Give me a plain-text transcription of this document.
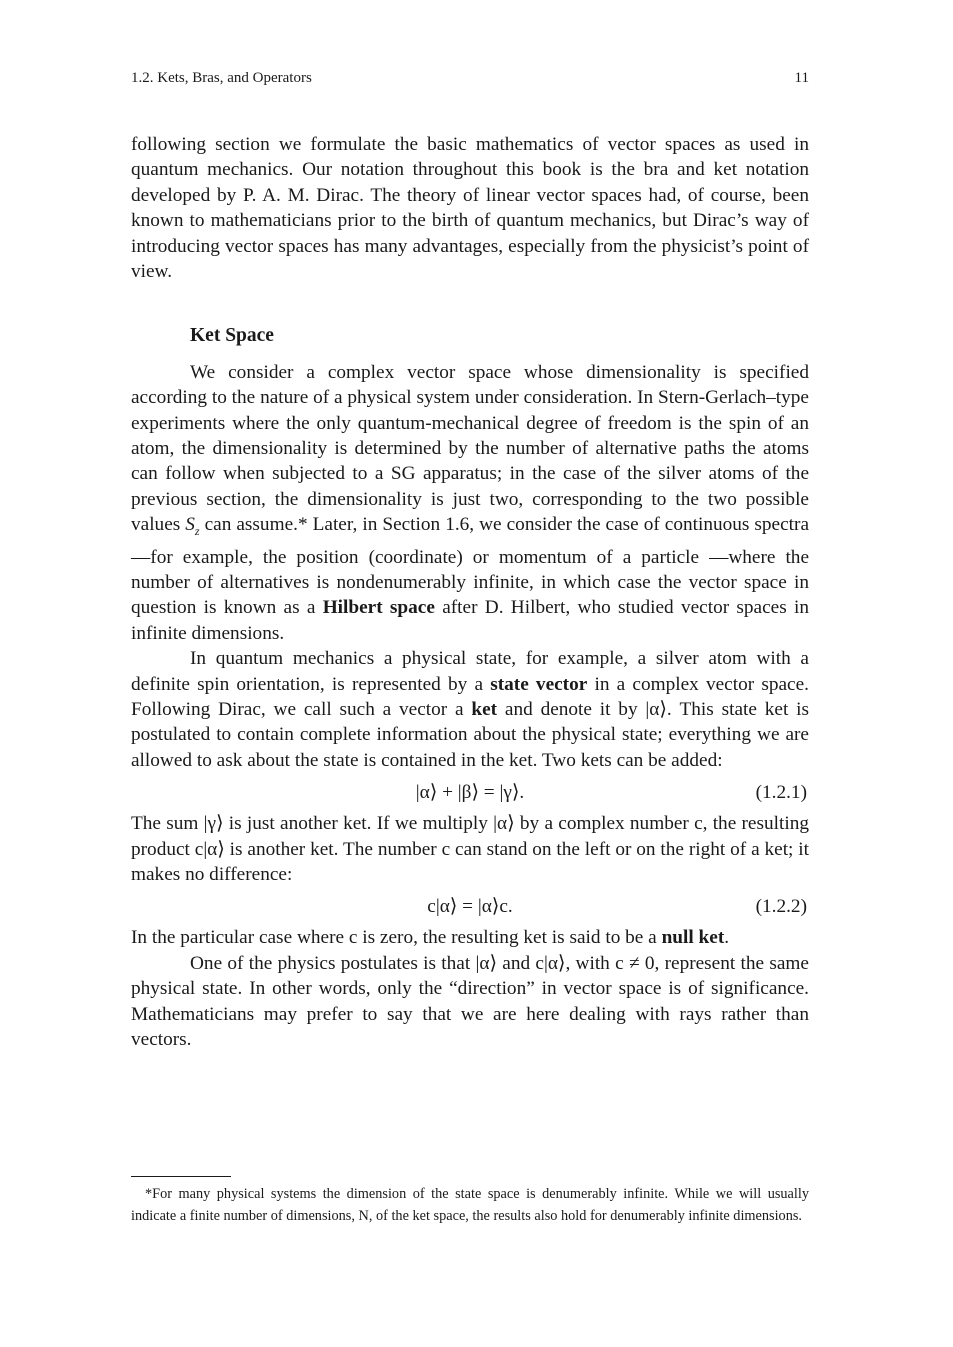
1.2. Kets, Bras, and Operators	11

following section we formulate the basic mathematics of vector spaces as used in quantum mechanics. Our notation throughout this book is the bra and ket notation developed by P. A. M. Dirac. The theory of linear vector spaces had, of course, been known to mathematicians prior to the birth of quantum mechanics, but Dirac’s way of introducing vector spaces has many advantages, especially from the physicist’s point of view.

Ket Space

We consider a complex vector space whose dimensionality is specified according to the nature of a physical system under consideration. In Stern-Gerlach–type experiments where the only quantum-mechanical degree of freedom is the spin of an atom, the dimensionality is determined by the number of alternative paths the atoms can follow when subjected to a SG apparatus; in the case of the silver atoms of the previous section, the dimensionality is just two, corresponding to the two possible values $S_z$ can assume.* Later, in Section 1.6, we consider the case of continuous spectra—for example, the position (coordinate) or momentum of a particle —where the number of alternatives is nondenumerably infinite, in which case the vector space in question is known as a Hilbert space after D. Hilbert, who studied vector spaces in infinite dimensions.

In quantum mechanics a physical state, for example, a silver atom with a definite spin orientation, is represented by a state vector in a complex vector space. Following Dirac, we call such a vector a ket and denote it by |α⟩. This state ket is postulated to contain complete information about the physical state; everything we are allowed to ask about the state is contained in the ket. Two kets can be added:

|α⟩ + |β⟩ = |γ⟩.	(1.2.1)

The sum |γ⟩ is just another ket. If we multiply |α⟩ by a complex number c, the resulting product c|α⟩ is another ket. The number c can stand on the left or on the right of a ket; it makes no difference:

c|α⟩ = |α⟩c.	(1.2.2)

In the particular case where c is zero, the resulting ket is said to be a null ket.

One of the physics postulates is that |α⟩ and c|α⟩, with c ≠ 0, represent the same physical state. In other words, only the “direction” in vector space is of significance. Mathematicians may prefer to say that we are here dealing with rays rather than vectors.

*For many physical systems the dimension of the state space is denumerably infinite. While we will usually indicate a finite number of dimensions, N, of the ket space, the results also hold for denumerably infinite dimensions.
